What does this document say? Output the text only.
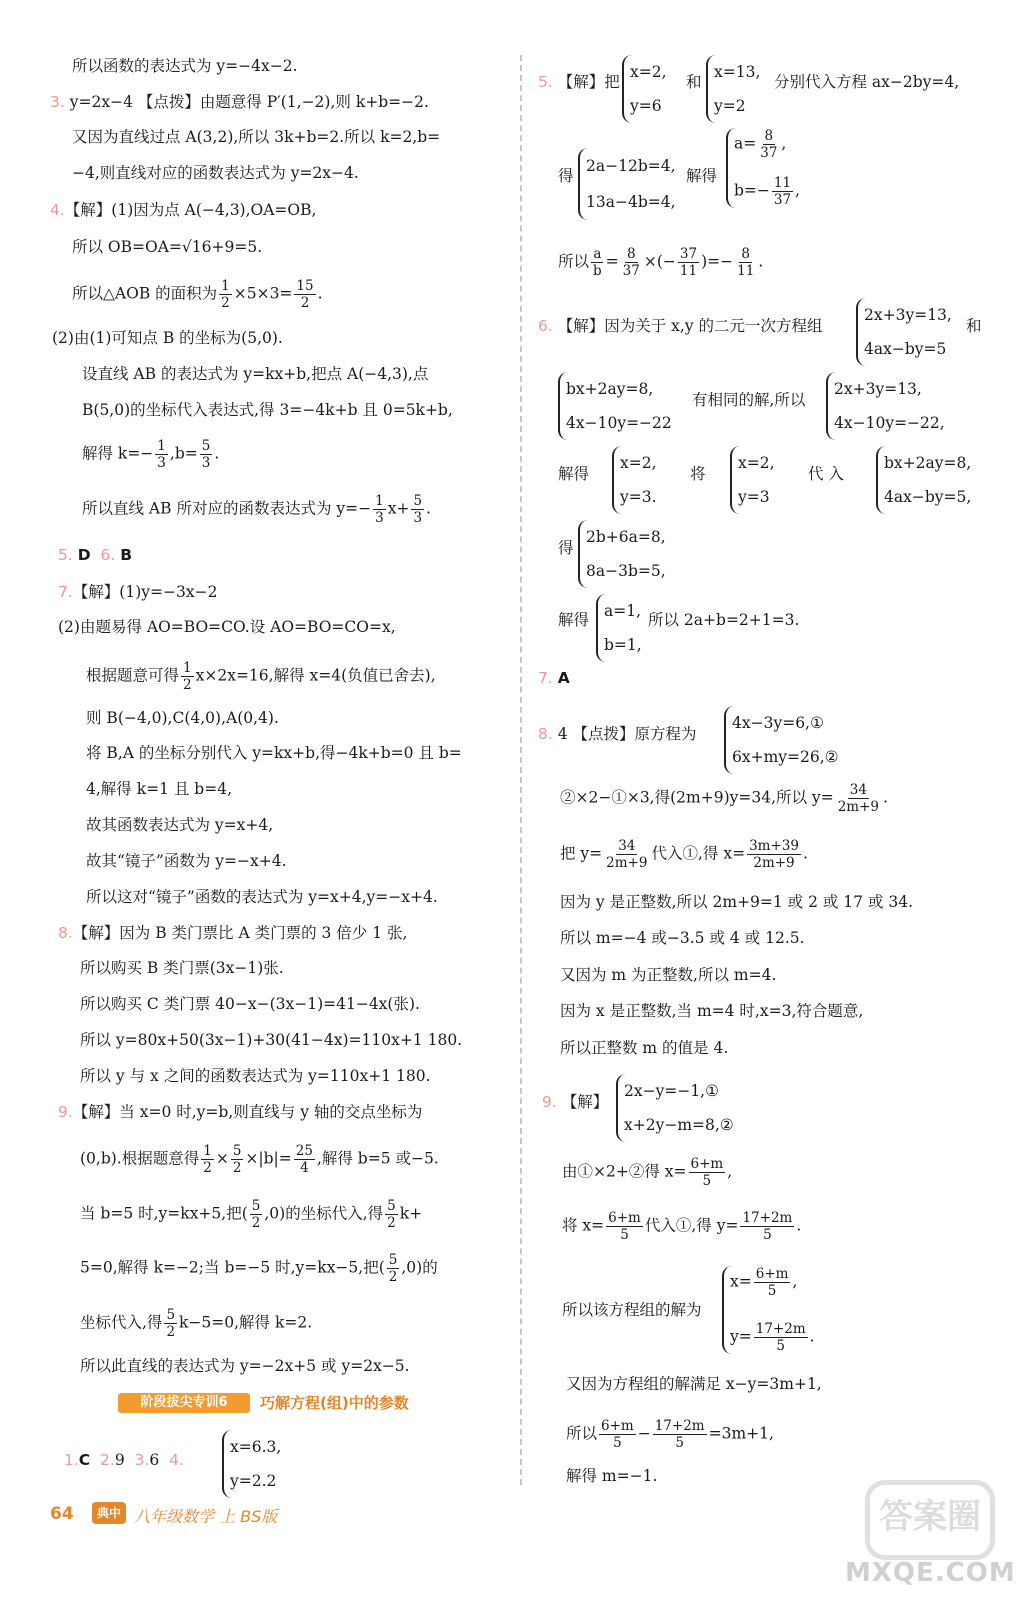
所以函数的表达式为 y=−4x−2.
3. y=2x−4 【点拨】由题意得 P′(1,−2),则 k+b=−2.
又因为直线过点 A(3,2),所以 3k+b=2.所以 k=2,b=
−4,则直线对应的函数表达式为 y=2x−4.
4.【解】(1)因为点 A(−4,3),OA=OB,
所以 OB=OA=√16+9=5.
所以△AOB 的面积为 $\frac{1}{2} \times 5\times 3= \frac{15}{2}$ .
(2)由(1)可知点 B 的坐标为(5,0).
设直线 AB 的表达式为 y=kx+b,把点 A(−4,3),点
B(5,0)的坐标代入表达式,得 3=−4k+b 且 0=5k+b,
解得 $k=- \frac{1}{3} ,b= \frac{5}{3}$ .
所以直线 AB 所对应的函数表达式为 $y=- \frac{1}{3} x+ \frac{5}{3}$ .
5. D 6. B
7.【解】(1)y=−3x−2
(2)由题易得 AO=BO=CO.设 AO=BO=CO=x,
根据题意可得 $\frac{1}{2} x\times 2x=16$,解得 x=4(负值已舍去),
则 B(−4,0),C(4,0),A(0,4).
将 B,A 的坐标分别代入 y=kx+b,得−4k+b=0 且 b=
4,解得 k=1 且 b=4,
故其函数表达式为 y=x+4,
故其“镜子”函数为 y=−x+4.
所以这对“镜子”函数的表达式为 y=x+4,y=−x+4.
8.【解】因为 B 类门票比 A 类门票的 3 倍少 1 张,
所以购买 B 类门票(3x−1)张.
所以购买 C 类门票 40−x−(3x−1)=41−4x(张).
所以 y=80x+50(3x−1)+30(41−4x)=110x+1 180.
所以 y 与 x 之间的函数表达式为 y=110x+1 180.
9.【解】当 x=0 时,y=b,则直线与 y 轴的交点坐标为
(0,b).根据题意得 $\frac{1}{2} \times \frac{5}{2} \times|b|= \frac{25}{4}$ ,解得 b=5 或−5.
当 b=5 时,y=kx+5,把( $\frac{5}{2} ,0$)的坐标代入,得 $\frac{5}{2} k+$
5=0,解得 k=−2;当 b=−5 时,y=kx−5,把( $\frac{5}{2} ,0$)的
坐标代入,得 $\frac{5}{2} k-5=0$,解得 k=2.
所以此直线的表达式为 y=−2x+5 或 y=2x−5.
阶段拔尖专训6	巧解方程(组)中的参数
1.C 2.9 3.6 4.
x=6.3,
y=2.2
5. 【解】把
x=2,
y=6
和
x=13,
y=2
分别代入方程 ax−2by=4,
得
2a−12b=4,
13a−4b=4,
解得
$a= \frac{8}{37}$ ,
$b=- \frac{11}{37}$ ,
所以 $\frac{a}{b} = \frac{8}{37}$ ×(− $\frac{37}{11}$ )=− $\frac{8}{11}$ .
6. 【解】因为关于 x,y 的二元一次方程组
2x+3y=13,
4ax−by=5
和
bx+2ay=8,
4x−10y=−22
有相同的解,所以
2x+3y=13,
4x−10y=−22,
解得
x=2,
y=3.
将
x=2,
y=3
代 入
bx+2ay=8,
4ax−by=5,
得
2b+6a=8,
8a−3b=5,
解得 a=1,
b=1,
所以 2a+b=2+1=3.
7. A
8. 4 【点拨】原方程为
4x−3y=6,①
6x+my=26,②
②×2−①×3,得(2m+9)y=34,所以 $y= \frac{34}{2m+9}$ .
把 $y= \frac{34}{2m+9}$ 代入①,得 $x= \frac{3m+39}{2m+9}$ .
因为 y 是正整数,所以 2m+9=1 或 2 或 17 或 34.
所以 m=−4 或−3.5 或 4 或 12.5.
又因为 m 为正整数,所以 m=4.
因为 x 是正整数,当 m=4 时,x=3,符合题意,
所以正整数 m 的值是 4.
9. 【解】
2x−y=−1,①
x+2y−m=8,②
由①×2+②得 $x= \frac{6+m}{5}$ ,
将 $x= \frac{6+m}{5}$ 代入①,得 $y= \frac{17+2m}{5}$ .
所以该方程组的解为
$x= \frac{6+m}{5}$ ,
$y= \frac{17+2m}{5}$ .
又因为方程组的解满足 x−y=3m+1,
所以 $\frac{6+m}{5} - \frac{17+2m}{5} =3m+1$,
解得 m=−1.
64	典中 八年级数学 上 BS版	答案圈
MXQE.COM
